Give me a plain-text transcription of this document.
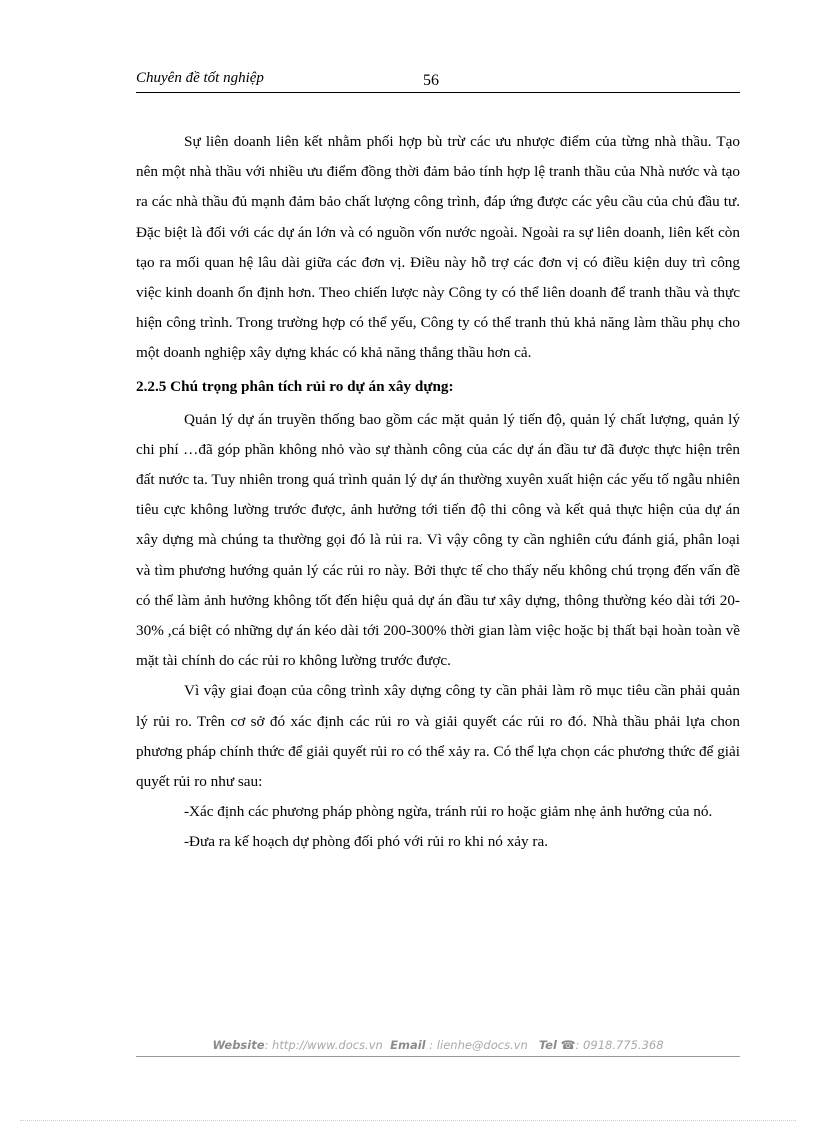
Chuyên đề tốt nghiệp	56

Sự liên doanh liên kết nhằm phối hợp bù trừ các ưu nhược điểm của từng nhà thầu. Tạo nên một nhà thầu với nhiều ưu điểm đồng thời đảm bảo tính hợp lệ tranh thầu của Nhà nước và tạo ra các nhà thầu đủ mạnh đảm bảo chất lượng công trình, đáp ứng được các yêu cầu của chủ đầu tư. Đặc biệt là đối với các dự án lớn và có nguồn vốn nước ngoài. Ngoài ra sự liên doanh, liên kết còn tạo ra mối quan hệ lâu dài giữa các đơn vị. Điều này hỗ trợ các đơn vị có điều kiện duy trì công việc kinh doanh ổn định hơn. Theo chiến lược này Công ty có thể liên doanh để tranh thầu và thực hiện công trình. Trong trường hợp có thể yếu, Công ty có thể tranh thủ khả năng làm thầu phụ cho một doanh nghiệp xây dựng khác có khả năng thắng thầu hơn cả.

2.2.5 Chú trọng phân tích rủi ro dự án xây dựng:

Quản lý dự án truyền thống bao gồm các mặt quản lý tiến độ, quản lý chất lượng, quản lý chi phí …đã góp phần không nhỏ vào sự thành công của các dự án đầu tư đã được thực hiện trên đất nước ta. Tuy nhiên trong quá trình quản lý dự án thường xuyên xuất hiện các yếu tố ngẫu nhiên tiêu cực không lường trước được, ảnh hưởng tới tiến độ thi công và kết quả thực hiện của dự án xây dựng mà chúng ta thường gọi đó là rủi ra. Vì vậy công ty cần nghiên cứu đánh giá, phân loại và tìm phương hướng quản lý các rủi ro này. Bởi thực tế cho thấy nếu không chú trọng đến vấn đề có thể làm ảnh hưởng không tốt đến hiệu quả dự án đầu tư xây dựng, thông thường kéo dài tới 20-30% ,cá biệt có những dự án kéo dài tới 200-300% thời gian làm việc hoặc bị thất bại hoàn toàn về mặt tài chính do các rủi ro không lường trước được.

Vì vậy giai đoạn của công trình xây dựng công ty cần phải làm rõ mục tiêu cần phải quản lý rủi ro. Trên cơ sở đó xác định các rủi ro và giải quyết các rủi ro đó. Nhà thầu phải lựa chon phương pháp chính thức để giải quyết rủi ro có thể xảy ra. Có thể lựa chọn các phương thức để giải quyết rủi ro như sau:

-Xác định các phương pháp phòng ngừa, tránh rủi ro hoặc giảm nhẹ ảnh hưởng của nó.

-Đưa ra kế hoạch dự phòng đối phó với rủi ro khi nó xảy ra.

Website: http://www.docs.vn Email : lienhe@docs.vn Tel ☎: 0918.775.368
